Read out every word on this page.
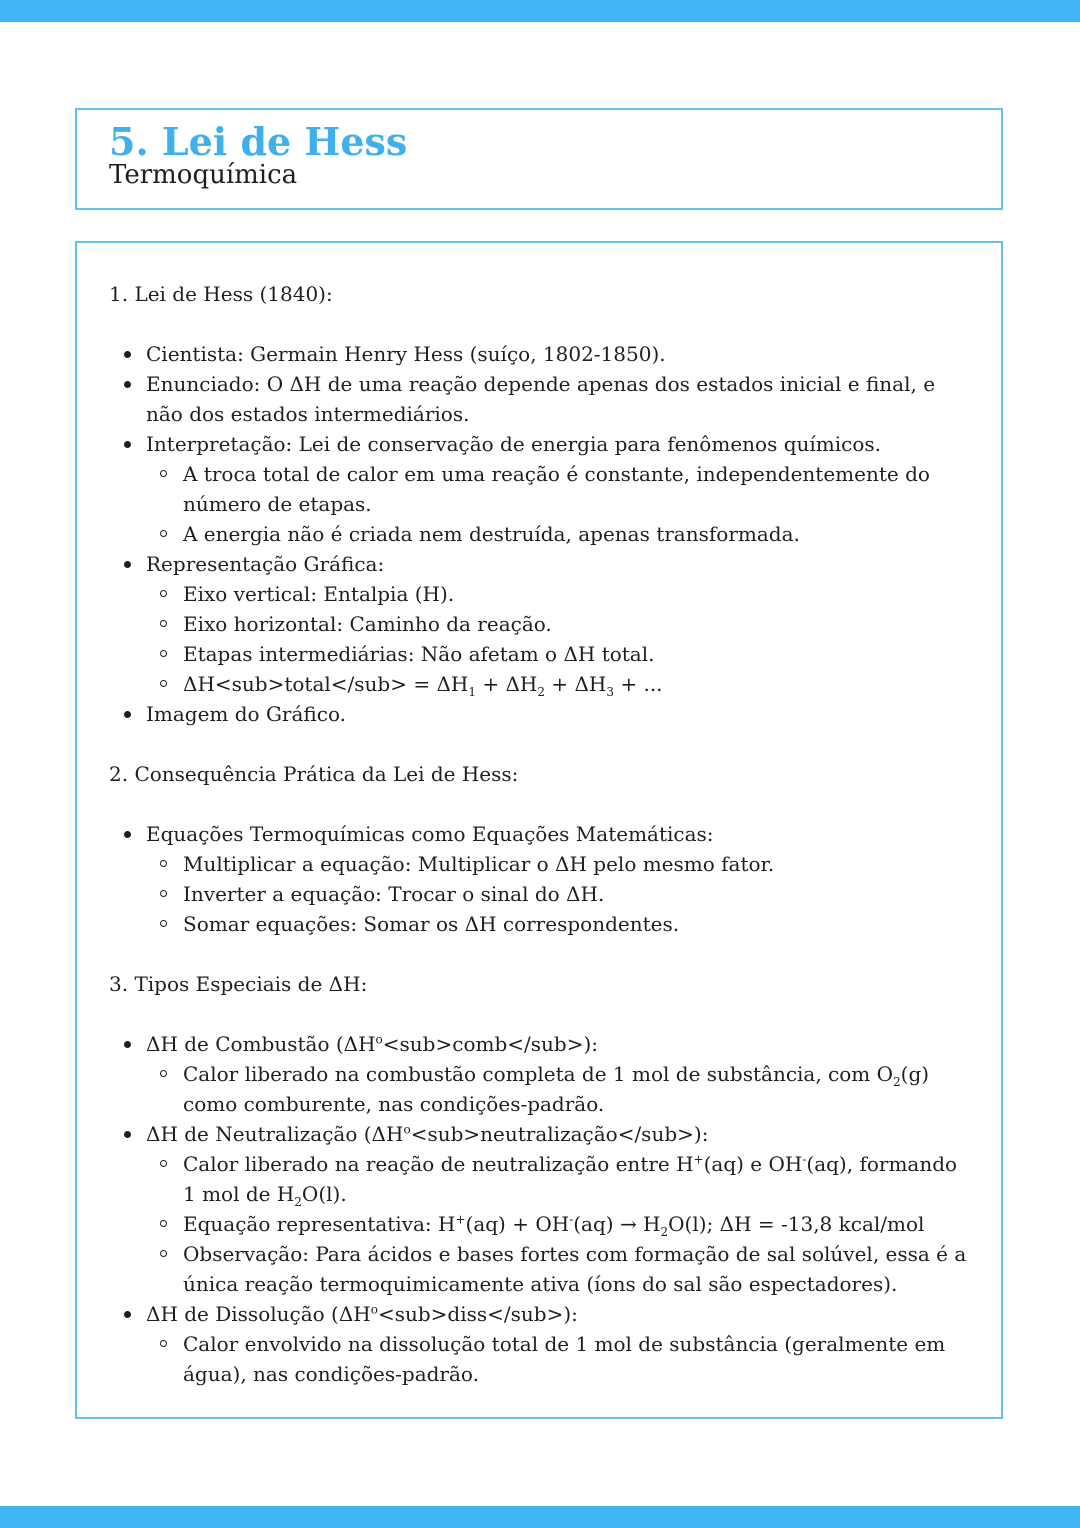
5. Lei de Hess
Termoquímica

1. Lei de Hess (1840):

Cientista: Germain Henry Hess (suíço, 1802-1850).
Enunciado: O ΔH de uma reação depende apenas dos estados inicial e final, e não dos estados intermediários.
Interpretação: Lei de conservação de energia para fenômenos químicos.
A troca total de calor em uma reação é constante, independentemente do número de etapas.
A energia não é criada nem destruída, apenas transformada.
Representação Gráfica:
Eixo vertical: Entalpia (H).
Eixo horizontal: Caminho da reação.
Etapas intermediárias: Não afetam o ΔH total.
ΔH<sub>total</sub> = $\Delta H_1 + \Delta H_2 + \Delta H_3$ + ...
Imagem do Gráfico.

2. Consequência Prática da Lei de Hess:

Equações Termoquímicas como Equações Matemáticas:
Multiplicar a equação: Multiplicar o ΔH pelo mesmo fator.
Inverter a equação: Trocar o sinal do ΔH.
Somar equações: Somar os ΔH correspondentes.

3. Tipos Especiais de ΔH:

ΔH de Combustão $(\Delta H^o<sub>comb</sub>)$:
Calor liberado na combustão completa de 1 mol de substância, com $O_2(g)$ como comburente, nas condições-padrão.
ΔH de Neutralização $(\Delta H^o<sub>neutralização</sub>)$:
Calor liberado na reação de neutralização entre H+(aq) e OH-(aq), formando 1 mol de $H_2O(l)$.
Equação representativa: $H^+(aq) + OH^-(aq) \to H_2O(l)$; ΔH = -13,8 kcal/mol
Observação: Para ácidos e bases fortes com formação de sal solúvel, essa é a única reação termoquimicamente ativa (íons do sal são espectadores).
ΔH de Dissolução $(\Delta H^o<sub>diss</sub>)$:
Calor envolvido na dissolução total de 1 mol de substância (geralmente em água), nas condições-padrão.
